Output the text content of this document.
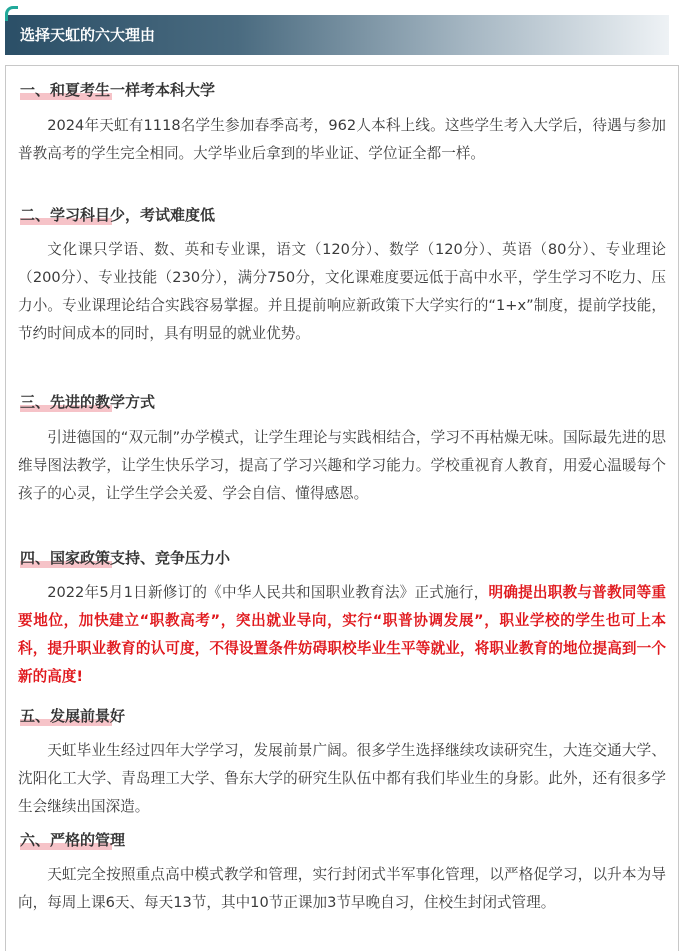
选择天虹的六大理由
一、和夏考生一样考本科大学

2024年天虹有1118名学生参加春季高考，962人本科上线。这些学生考入大学后，待遇与参加普教高考的学生完全相同。大学毕业后拿到的毕业证、学位证全都一样。

二、学习科目少，考试难度低

文化课只学语、数、英和专业课，语文（120分）、数学（120分）、英语（80分）、专业理论（200分）、专业技能（230分），满分750分，文化课难度要远低于高中水平，学生学习不吃力、压力小。专业课理论结合实践容易掌握。并且提前响应新政策下大学实行的“1+x”制度，提前学技能，节约时间成本的同时，具有明显的就业优势。

三、先进的教学方式

引进德国的“双元制”办学模式，让学生理论与实践相结合，学习不再枯燥无味。国际最先进的思维导图法教学，让学生快乐学习，提高了学习兴趣和学习能力。学校重视育人教育，用爱心温暖每个孩子的心灵，让学生学会关爱、学会自信、懂得感恩。

四、国家政策支持、竞争压力小

2022年5月1日新修订的《中华人民共和国职业教育法》正式施行，明确提出职教与普教同等重要地位，加快建立“职教高考”，突出就业导向，实行“职普协调发展”，职业学校的学生也可上本科，提升职业教育的认可度，不得设置条件妨碍职校毕业生平等就业，将职业教育的地位提高到一个新的高度!

五、发展前景好

天虹毕业生经过四年大学学习，发展前景广阔。很多学生选择继续攻读研究生，大连交通大学、沈阳化工大学、青岛理工大学、鲁东大学的研究生队伍中都有我们毕业生的身影。此外，还有很多学生会继续出国深造。

六、严格的管理

天虹完全按照重点高中模式教学和管理，实行封闭式半军事化管理，以严格促学习，以升本为导向，每周上课6天、每天13节，其中10节正课加3节早晚自习，住校生封闭式管理。
